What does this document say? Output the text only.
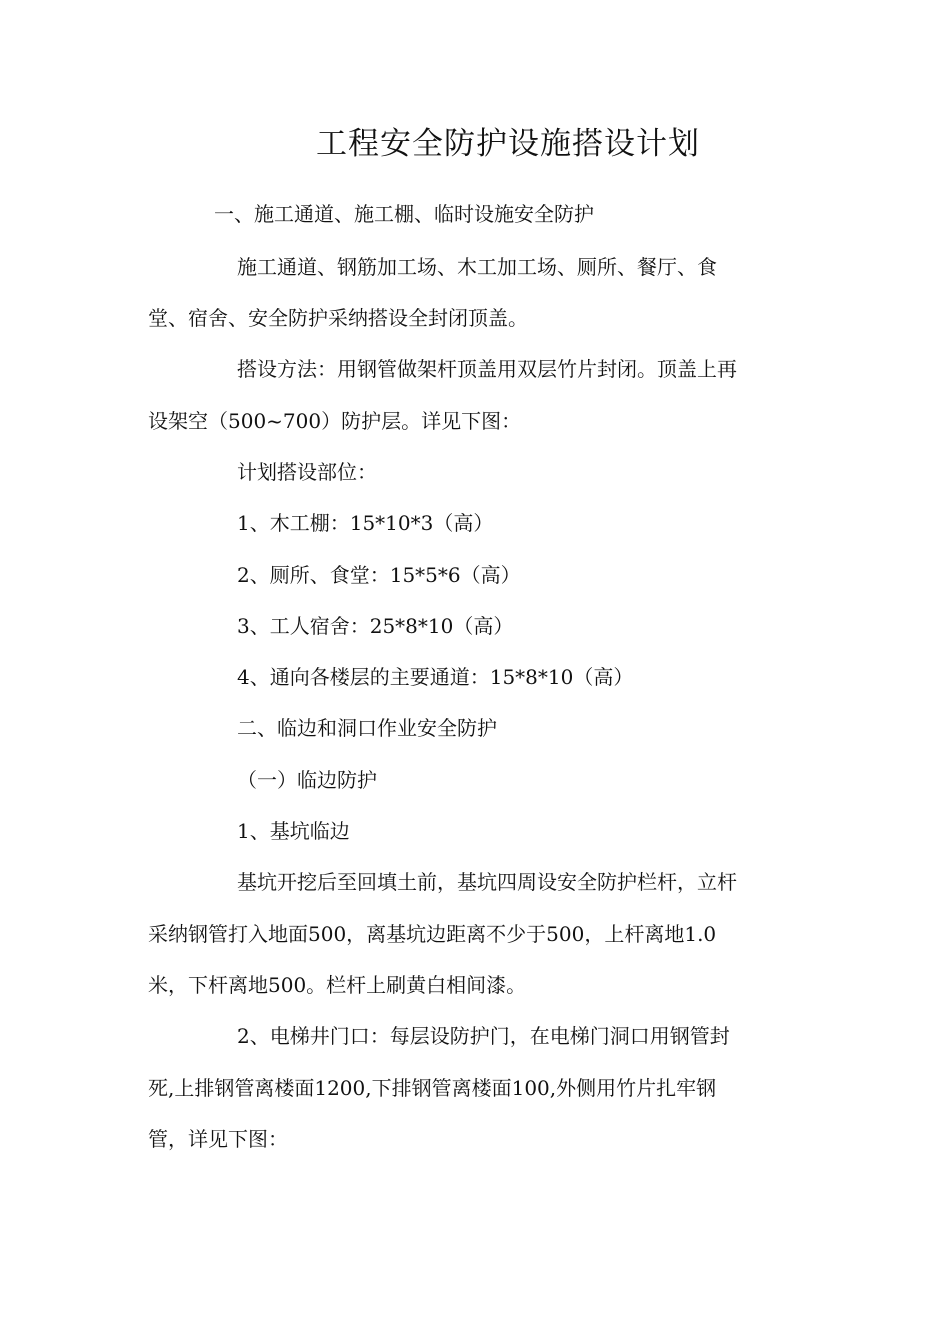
工程安全防护设施搭设计划

一、施工通道、施工棚、临时设施安全防护

施工通道、钢筋加工场、木工加工场、厕所、餐厅、食

堂、宿舍、安全防护采纳搭设全封闭顶盖。

搭设方法：用钢管做架杆顶盖用双层竹片封闭。顶盖上再

设架空（500~700）防护层。详见下图：

计划搭设部位：

1、木工棚：15*10*3（高）

2、厕所、食堂：15*5*6（高）

3、工人宿舍：25*8*10（高）

4、通向各楼层的主要通道：15*8*10（高）

二、临边和洞口作业安全防护

（一）临边防护

1、基坑临边

基坑开挖后至回填土前，基坑四周设安全防护栏杆，立杆

采纳钢管打入地面500，离基坑边距离不少于500，上杆离地1.0

米，下杆离地500。栏杆上刷黄白相间漆。

2、电梯井门口：每层设防护门，在电梯门洞口用钢管封

死,上排钢管离楼面1200,下排钢管离楼面100,外侧用竹片扎牢钢

管，详见下图：
